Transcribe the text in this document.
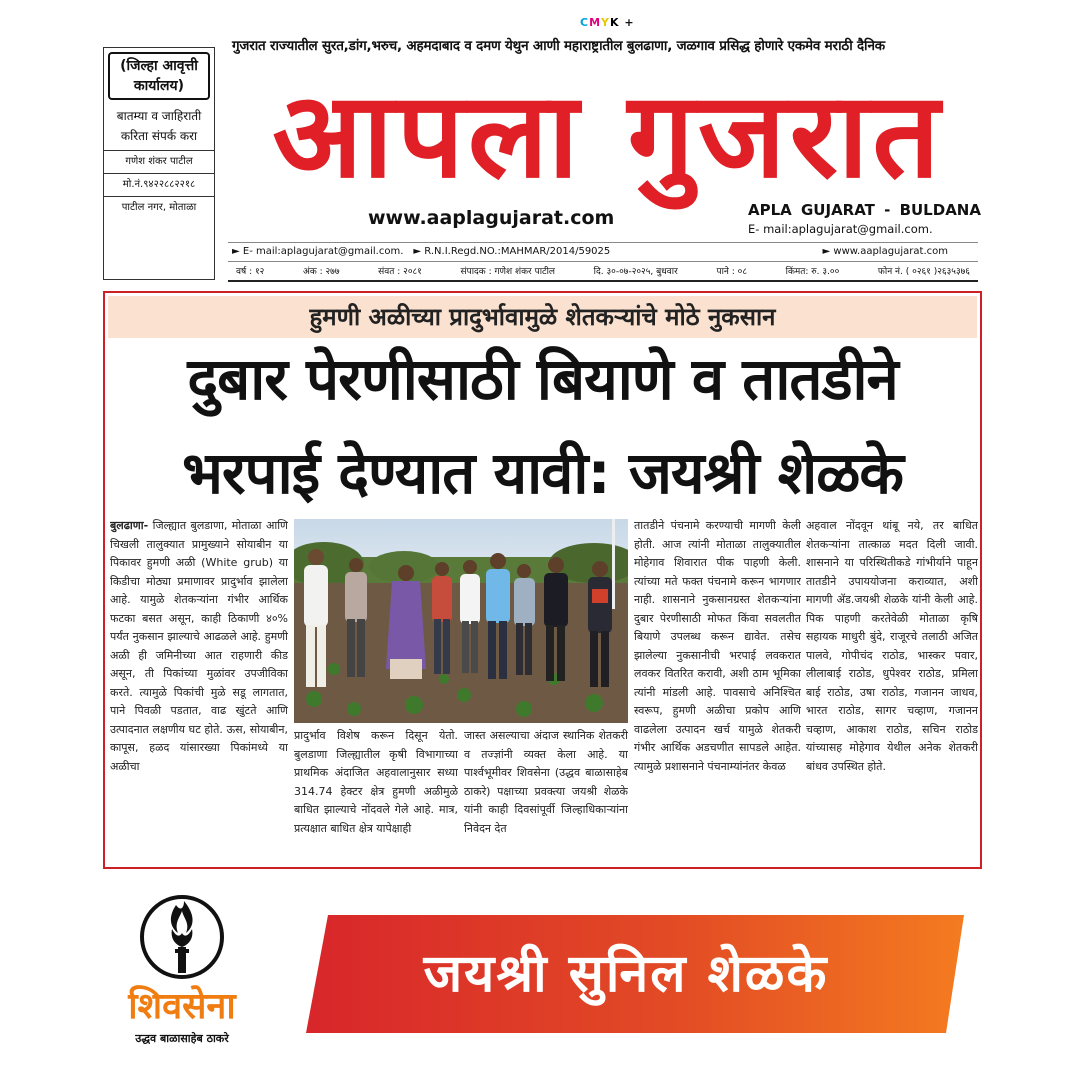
CMYK +
(जिल्हा आवृत्ती कार्यालय)
बातम्या व जाहिराती करिता संपर्क करा
गणेश शंकर पाटील
मो.नं.९४२२८८२२१८
पाटील नगर, मोताळा
गुजरात राज्यातील सुरत,डांग,भरुच, अहमदाबाद व दमण येथुन आणी महाराष्ट्रातील बुलढाणा, जळगाव प्रसिद्ध होणारे एकमेव मराठी दैनिक
आपला गुजरात
www.aaplagujarat.com	APLA GUJARAT - BULDANA
E- mail:aplagujarat@gmail.com.
► E- mail:aplagujarat@gmail.com. ► R.N.I.Regd.NO.:MAHMAR/2014/59025	► www.aaplagujarat.com
वर्ष : १२	अंक : २७७	संवत : २०८१	संपादक : गणेश शंकर पाटील	दि. ३०-०७-२०२५, बुधवार	पाने : ०८	किंमत: रु. ३.००	फोन नं. ( ०२६१ )२६३५३७६
हुमणी अळीच्या प्रादुर्भावामुळे शेतकऱ्यांचे मोठे नुकसान
दुबार पेरणीसाठी बियाणे व तातडीने
भरपाई देण्यात यावी: जयश्री शेळके
बुलढाणा- जिल्ह्यात बुलडाणा, मोताळा आणि चिखली तालुक्यात प्रामुख्याने सोयाबीन या पिकावर हुमणी अळी (White grub) या किडीचा मोठ्या प्रमाणावर प्रादुर्भाव झालेला आहे. यामुळे शेतकऱ्यांना गंभीर आर्थिक फटका बसत असून, काही ठिकाणी ४०% पर्यंत नुकसान झाल्याचे आढळले आहे. हुमणी अळी ही जमिनीच्या आत राहणारी कीड असून, ती पिकांच्या मुळांवर उपजीविका करते. त्यामुळे पिकांची मुळे सडू लागतात, पाने पिवळी पडतात, वाढ खुंटते आणि उत्पादनात लक्षणीय घट होते. ऊस, सोयाबीन, कापूस, हळद यांसारख्या पिकांमध्ये या अळीचा
प्रादुर्भाव विशेष करून दिसून येतो. बुलडाणा जिल्ह्यातील कृषी विभागाच्या प्राथमिक अंदाजित अहवालानुसार सध्या 314.74 हेक्टर क्षेत्र हुमणी अळीमुळे बाधित झाल्याचे नोंदवले गेले आहे. मात्र, प्रत्यक्षात बाधित क्षेत्र यापेक्षाही
जास्त असल्याचा अंदाज स्थानिक शेतकरी व तज्ज्ञांनी व्यक्त केला आहे. या पार्श्वभूमीवर शिवसेना (उद्धव बाळासाहेब ठाकरे) पक्षाच्या प्रवक्त्या जयश्री शेळके यांनी काही दिवसांपूर्वी जिल्हाधिकाऱ्यांना निवेदन देत
तातडीने पंचनामे करण्याची मागणी केली होती. आज त्यांनी मोताळा तालुक्यातील मोहेगाव शिवारात पीक पाहणी केली. त्यांच्या मते फक्त पंचनामे करून भागणार नाही. शासनाने नुकसानग्रस्त शेतकऱ्यांना दुबार पेरणीसाठी मोफत किंवा सवलतीत बियाणे उपलब्ध करून द्यावेत. तसेच झालेल्या नुकसानीची भरपाई लवकरात लवकर वितरित करावी, अशी ठाम भूमिका त्यांनी मांडली आहे. पावसाचे अनिश्चित स्वरूप, हुमणी अळीचा प्रकोप आणि वाढलेला उत्पादन खर्च यामुळे शेतकरी गंभीर आर्थिक अडचणीत सापडले आहेत. त्यामुळे प्रशासनाने पंचनाम्यांनंतर केवळ
अहवाल नोंदवून थांबू नये, तर बाधित शेतकऱ्यांना तात्काळ मदत दिली जावी. शासनाने या परिस्थितीकडे गांभीर्याने पाहून तातडीने उपाययोजना कराव्यात, अशी मागणी ॲड.जयश्री शेळके यांनी केली आहे. पिक पाहणी करतेवेळी मोताळा कृषि सहायक माधुरी बुंदे, राजूरचे तलाठी अजित पालवे, गोपीचंद राठोड, भास्कर पवार, लीलाबाई राठोड, धुपेश्वर राठोड, प्रमिला बाई राठोड, उषा राठोड, गजानन जाधव, भारत राठोड, सागर चव्हाण, गजानन चव्हाण, आकाश राठोड, सचिन राठोड यांच्यासह मोहेगाव येथील अनेक शेतकरी बांधव उपस्थित होते.
जयश्री सुनिल शेळके
शिवसेना
उद्धव बाळासाहेब ठाकरे
